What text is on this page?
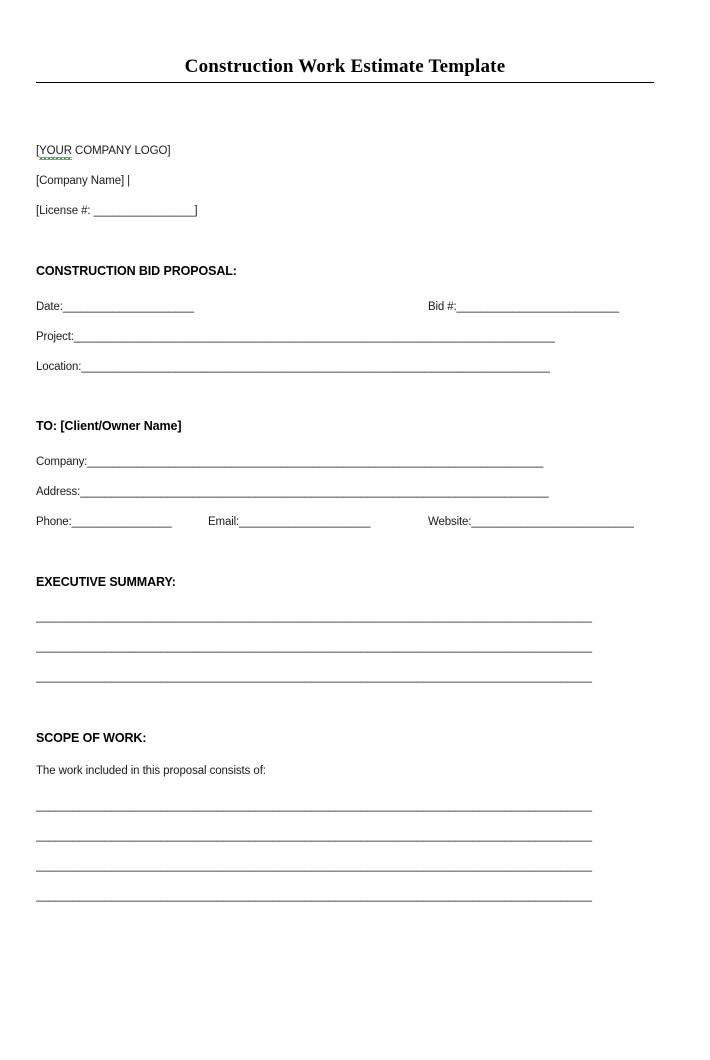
Construction Work Estimate Template
[YOUR COMPANY LOGO]
[Company Name] |
[License #: ________________]
CONSTRUCTION BID PROPOSAL:
Date:_____________________	Bid #:__________________________
Project:_____________________________________________________________________________
Location:___________________________________________________________________________
TO: [Client/Owner Name]
Company:_________________________________________________________________________
Address:___________________________________________________________________________
Phone:________________	Email:_____________________	Website:__________________________
EXECUTIVE SUMMARY:
_________________________________________________________________________________________
_________________________________________________________________________________________
_________________________________________________________________________________________
SCOPE OF WORK:
The work included in this proposal consists of:
_________________________________________________________________________________________
_________________________________________________________________________________________
_________________________________________________________________________________________
_________________________________________________________________________________________
